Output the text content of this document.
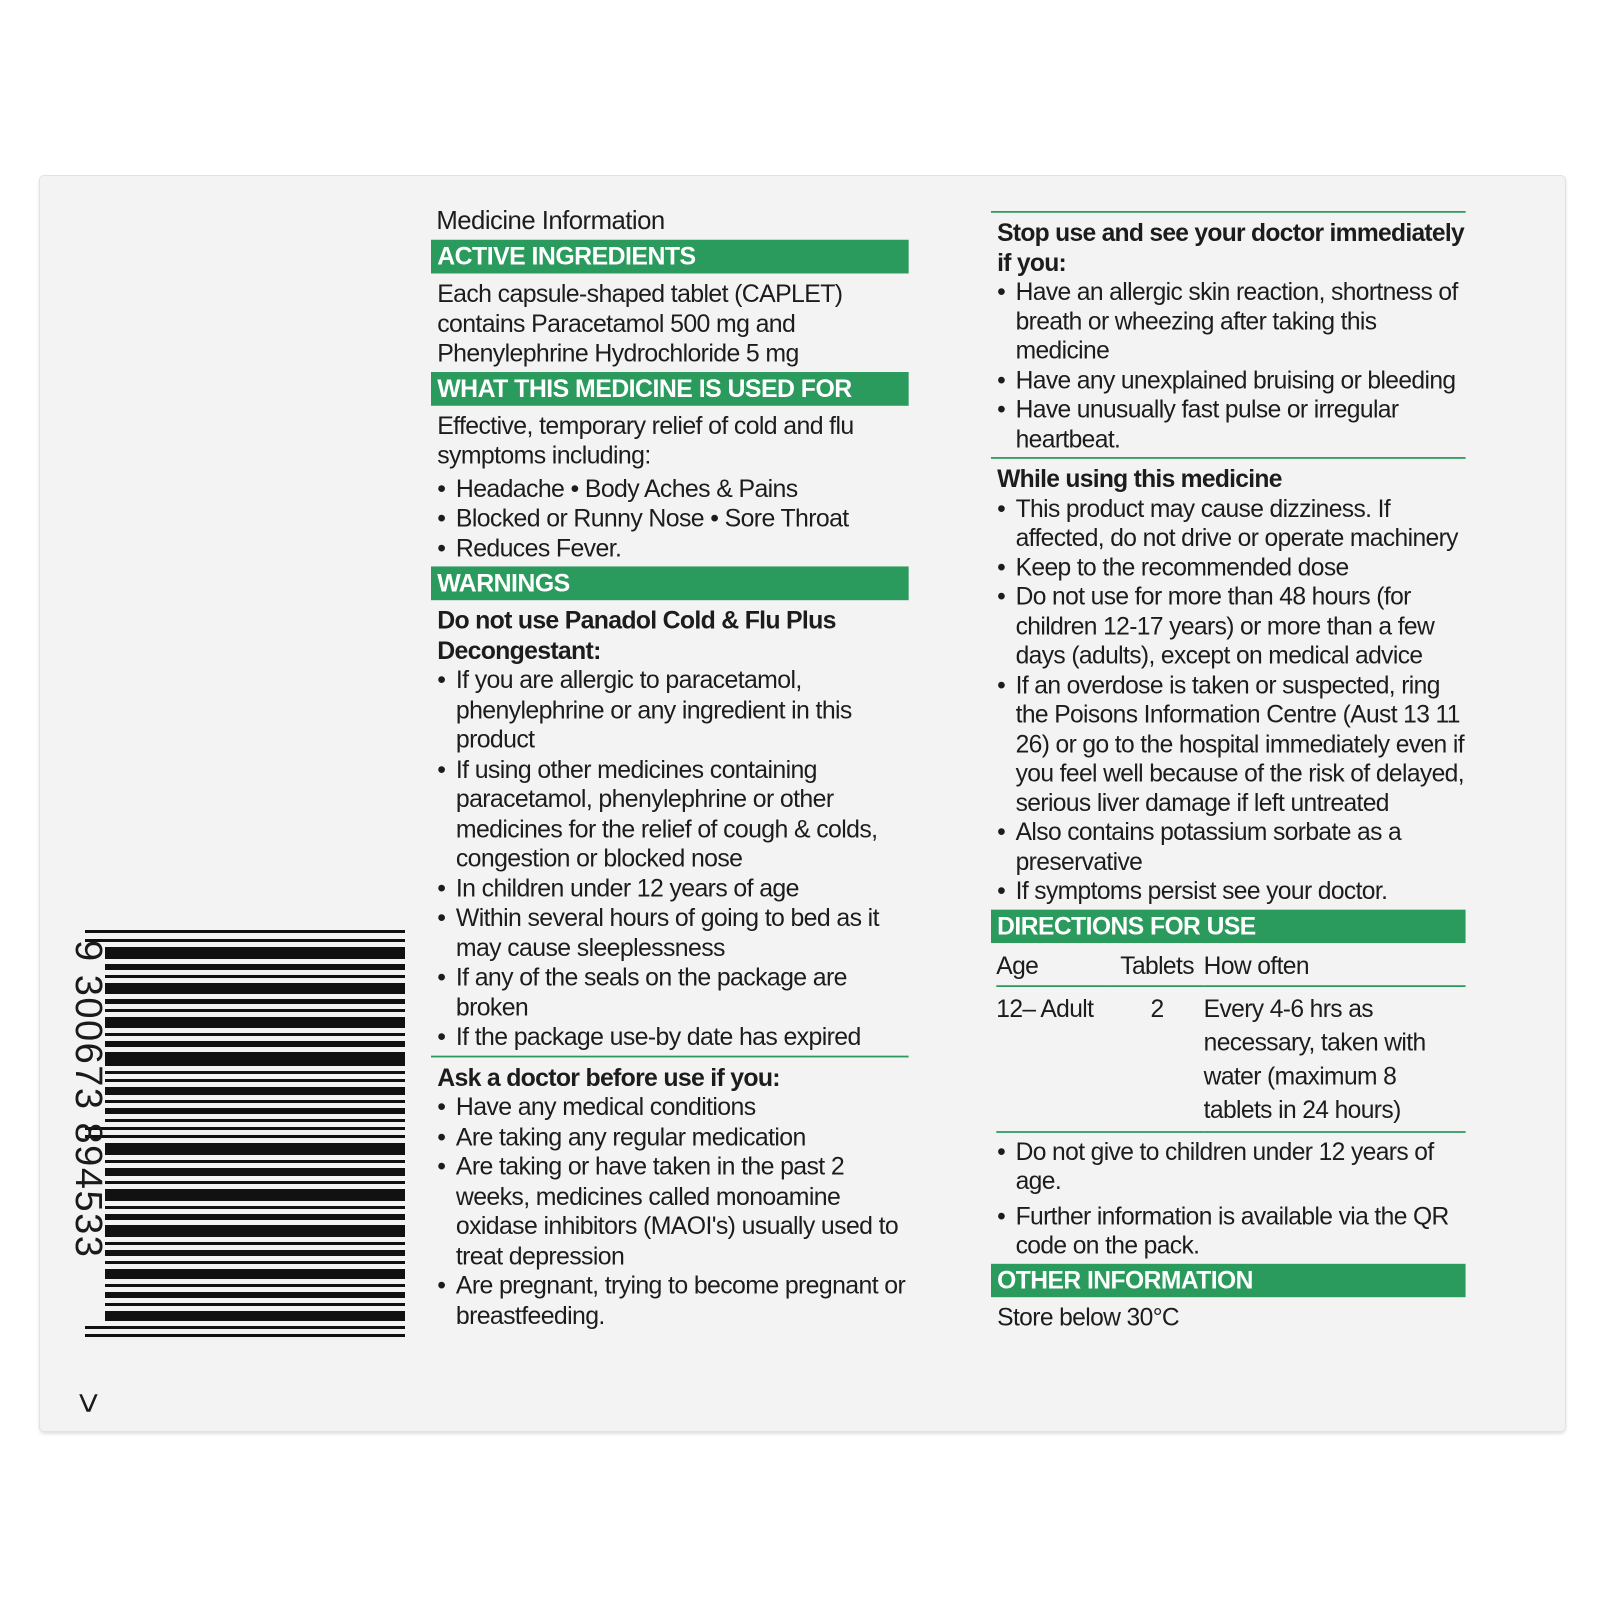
9 300673 894533
>
Medicine Information
ACTIVE INGREDIENTS
Each capsule-shaped tablet (CAPLET) contains Paracetamol 500 mg and Phenylephrine Hydrochloride 5 mg
WHAT THIS MEDICINE IS USED FOR
Effective, temporary relief of cold and flu symptoms including:
• Headache • Body Aches & Pains
• Blocked or Runny Nose • Sore Throat
• Reduces Fever.
WARNINGS
Do not use Panadol Cold & Flu Plus Decongestant:
• If you are allergic to paracetamol, phenylephrine or any ingredient in this product
• If using other medicines containing paracetamol, phenylephrine or other medicines for the relief of cough & colds, congestion or blocked nose
• In children under 12 years of age
• Within several hours of going to bed as it may cause sleeplessness
• If any of the seals on the package are broken
• If the package use-by date has expired
Ask a doctor before use if you:
• Have any medical conditions
• Are taking any regular medication
• Are taking or have taken in the past 2 weeks, medicines called monoamine oxidase inhibitors (MAOI's) usually used to treat depression
• Are pregnant, trying to become pregnant or breastfeeding.
Stop use and see your doctor immediately if you:
• Have an allergic skin reaction, shortness of breath or wheezing after taking this medicine
• Have any unexplained bruising or bleeding
• Have unusually fast pulse or irregular heartbeat.
While using this medicine
• This product may cause dizziness. If affected, do not drive or operate machinery
• Keep to the recommended dose
• Do not use for more than 48 hours (for children 12-17 years) or more than a few days (adults), except on medical advice
• If an overdose is taken or suspected, ring the Poisons Information Centre (Aust 13 11 26) or go to the hospital immediately even if you feel well because of the risk of delayed, serious liver damage if left untreated
• Also contains potassium sorbate as a preservative
• If symptoms persist see your doctor.
DIRECTIONS FOR USE
Age	Tablets	How often
12– Adult	2	Every 4-6 hrs as necessary, taken with water (maximum 8 tablets in 24 hours)
• Do not give to children under 12 years of age.
• Further information is available via the QR code on the pack.
OTHER INFORMATION
Store below 30°C
